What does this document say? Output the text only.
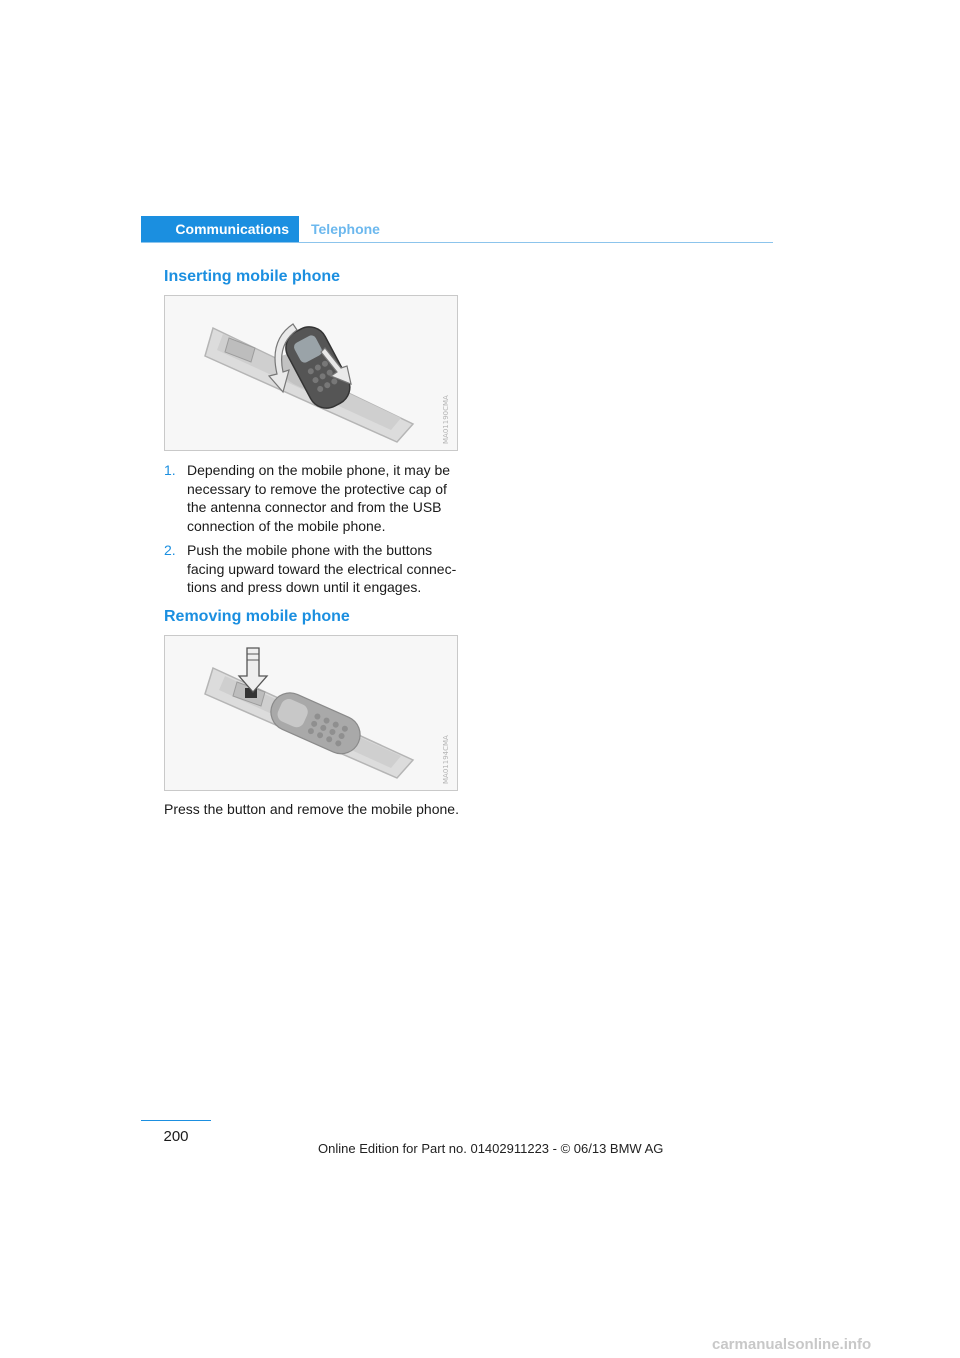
Communications	Telephone
Inserting mobile phone
MA01190CMA
1. Depending on the mobile phone, it may be necessary to remove the protective cap of the antenna connector and from the USB connection of the mobile phone.
2. Push the mobile phone with the buttons facing upward toward the electrical connec- tions and press down until it engages.
Removing mobile phone
MA01194CMA

Press the button and remove the mobile phone.

200
Online Edition for Part no. 01402911223 - © 06/13 BMW AG
carmanualsonline.info
